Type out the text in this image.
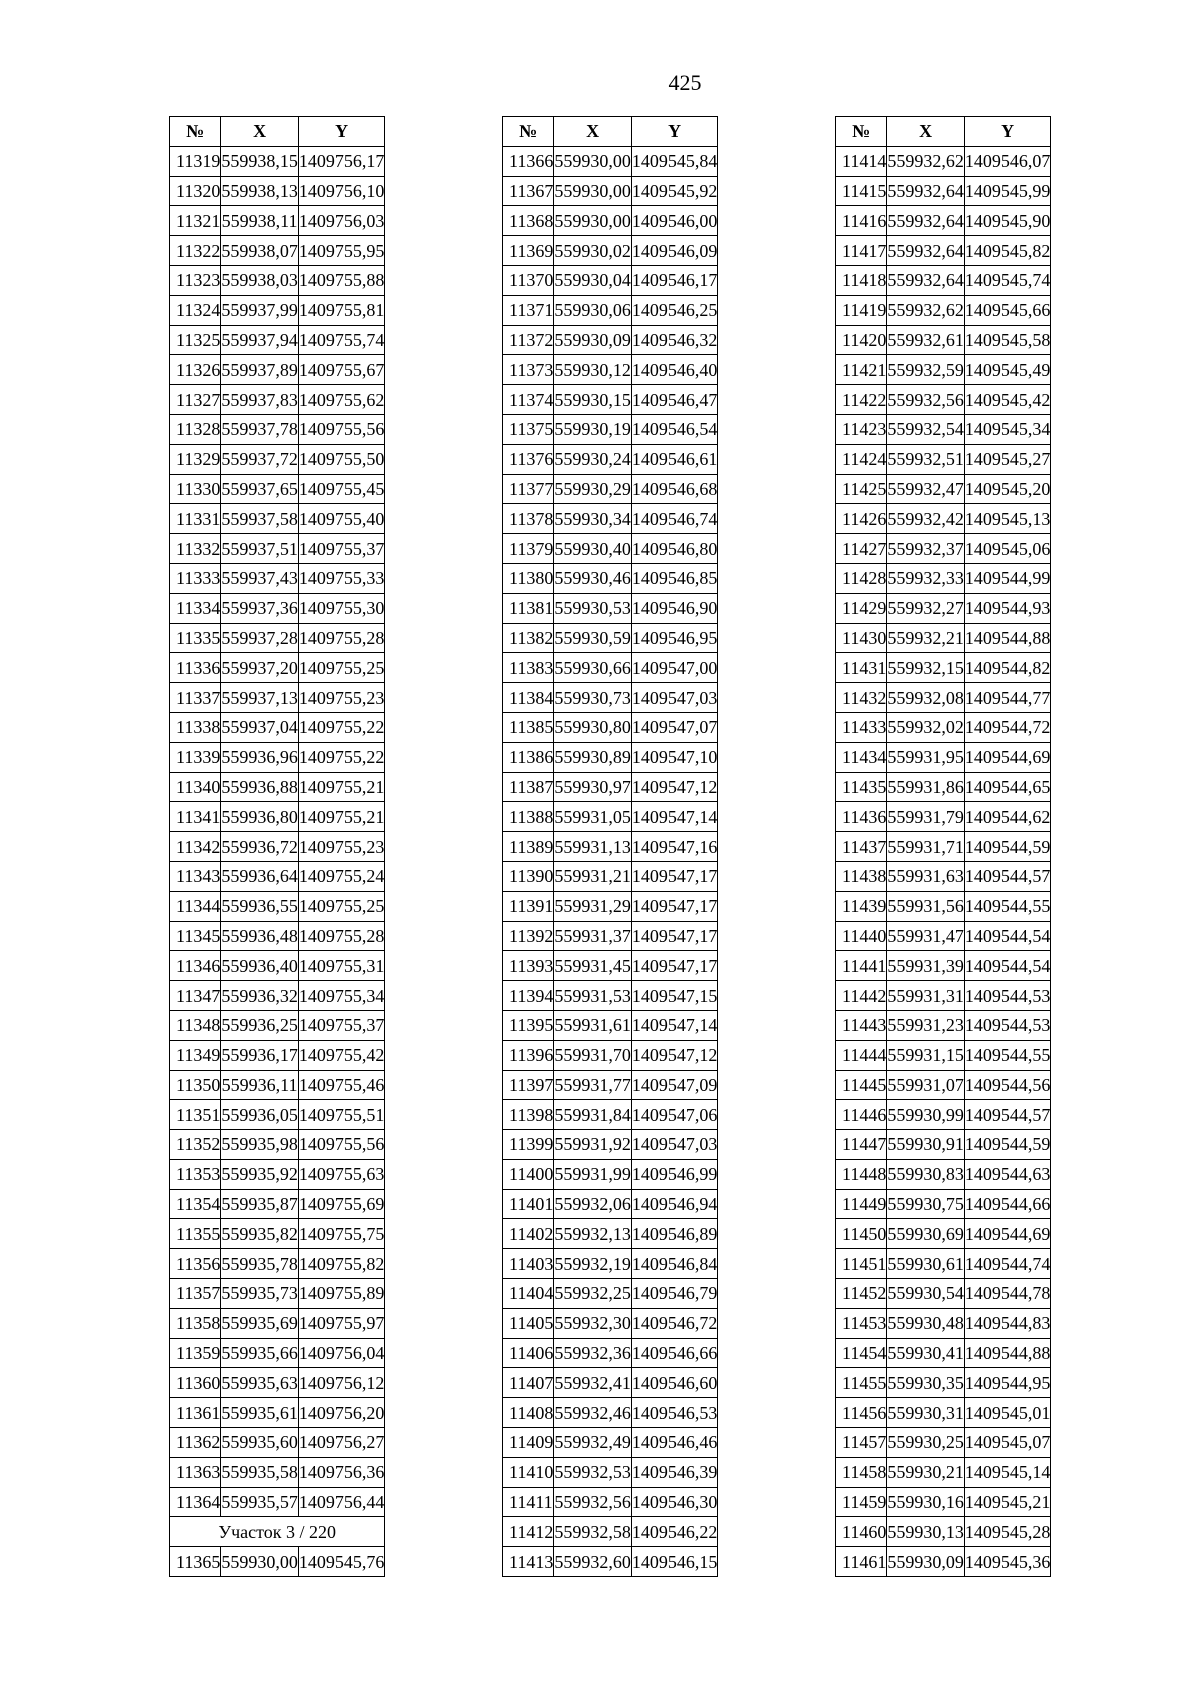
425
№	X	Y
11319	559938,15	1409756,17
11320	559938,13	1409756,10
11321	559938,11	1409756,03
11322	559938,07	1409755,95
11323	559938,03	1409755,88
11324	559937,99	1409755,81
11325	559937,94	1409755,74
11326	559937,89	1409755,67
11327	559937,83	1409755,62
11328	559937,78	1409755,56
11329	559937,72	1409755,50
11330	559937,65	1409755,45
11331	559937,58	1409755,40
11332	559937,51	1409755,37
11333	559937,43	1409755,33
11334	559937,36	1409755,30
11335	559937,28	1409755,28
11336	559937,20	1409755,25
11337	559937,13	1409755,23
11338	559937,04	1409755,22
11339	559936,96	1409755,22
11340	559936,88	1409755,21
11341	559936,80	1409755,21
11342	559936,72	1409755,23
11343	559936,64	1409755,24
11344	559936,55	1409755,25
11345	559936,48	1409755,28
11346	559936,40	1409755,31
11347	559936,32	1409755,34
11348	559936,25	1409755,37
11349	559936,17	1409755,42
11350	559936,11	1409755,46
11351	559936,05	1409755,51
11352	559935,98	1409755,56
11353	559935,92	1409755,63
11354	559935,87	1409755,69
11355	559935,82	1409755,75
11356	559935,78	1409755,82
11357	559935,73	1409755,89
11358	559935,69	1409755,97
11359	559935,66	1409756,04
11360	559935,63	1409756,12
11361	559935,61	1409756,20
11362	559935,60	1409756,27
11363	559935,58	1409756,36
11364	559935,57	1409756,44
Участок 3 / 220		
11365	559930,00	1409545,76
№	X	Y
11366	559930,00	1409545,84
11367	559930,00	1409545,92
11368	559930,00	1409546,00
11369	559930,02	1409546,09
11370	559930,04	1409546,17
11371	559930,06	1409546,25
11372	559930,09	1409546,32
11373	559930,12	1409546,40
11374	559930,15	1409546,47
11375	559930,19	1409546,54
11376	559930,24	1409546,61
11377	559930,29	1409546,68
11378	559930,34	1409546,74
11379	559930,40	1409546,80
11380	559930,46	1409546,85
11381	559930,53	1409546,90
11382	559930,59	1409546,95
11383	559930,66	1409547,00
11384	559930,73	1409547,03
11385	559930,80	1409547,07
11386	559930,89	1409547,10
11387	559930,97	1409547,12
11388	559931,05	1409547,14
11389	559931,13	1409547,16
11390	559931,21	1409547,17
11391	559931,29	1409547,17
11392	559931,37	1409547,17
11393	559931,45	1409547,17
11394	559931,53	1409547,15
11395	559931,61	1409547,14
11396	559931,70	1409547,12
11397	559931,77	1409547,09
11398	559931,84	1409547,06
11399	559931,92	1409547,03
11400	559931,99	1409546,99
11401	559932,06	1409546,94
11402	559932,13	1409546,89
11403	559932,19	1409546,84
11404	559932,25	1409546,79
11405	559932,30	1409546,72
11406	559932,36	1409546,66
11407	559932,41	1409546,60
11408	559932,46	1409546,53
11409	559932,49	1409546,46
11410	559932,53	1409546,39
11411	559932,56	1409546,30
11412	559932,58	1409546,22
11413	559932,60	1409546,15
№	X	Y
11414	559932,62	1409546,07
11415	559932,64	1409545,99
11416	559932,64	1409545,90
11417	559932,64	1409545,82
11418	559932,64	1409545,74
11419	559932,62	1409545,66
11420	559932,61	1409545,58
11421	559932,59	1409545,49
11422	559932,56	1409545,42
11423	559932,54	1409545,34
11424	559932,51	1409545,27
11425	559932,47	1409545,20
11426	559932,42	1409545,13
11427	559932,37	1409545,06
11428	559932,33	1409544,99
11429	559932,27	1409544,93
11430	559932,21	1409544,88
11431	559932,15	1409544,82
11432	559932,08	1409544,77
11433	559932,02	1409544,72
11434	559931,95	1409544,69
11435	559931,86	1409544,65
11436	559931,79	1409544,62
11437	559931,71	1409544,59
11438	559931,63	1409544,57
11439	559931,56	1409544,55
11440	559931,47	1409544,54
11441	559931,39	1409544,54
11442	559931,31	1409544,53
11443	559931,23	1409544,53
11444	559931,15	1409544,55
11445	559931,07	1409544,56
11446	559930,99	1409544,57
11447	559930,91	1409544,59
11448	559930,83	1409544,63
11449	559930,75	1409544,66
11450	559930,69	1409544,69
11451	559930,61	1409544,74
11452	559930,54	1409544,78
11453	559930,48	1409544,83
11454	559930,41	1409544,88
11455	559930,35	1409544,95
11456	559930,31	1409545,01
11457	559930,25	1409545,07
11458	559930,21	1409545,14
11459	559930,16	1409545,21
11460	559930,13	1409545,28
11461	559930,09	1409545,36
